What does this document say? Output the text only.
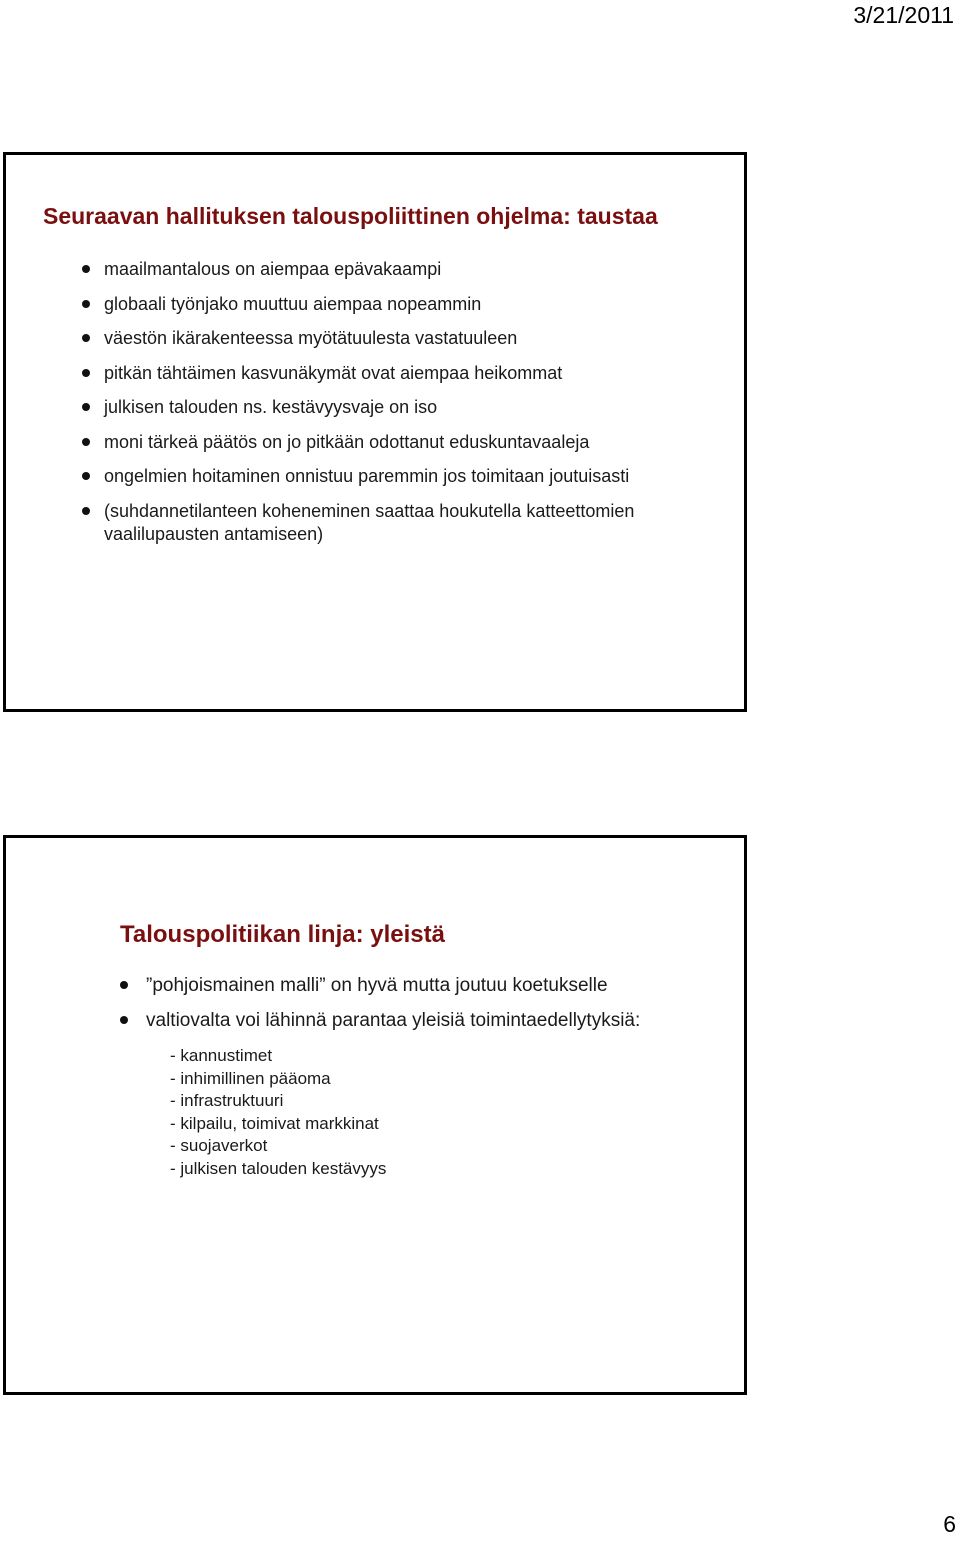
3/21/2011
Seuraavan hallituksen talouspoliittinen ohjelma: taustaa
maailmantalous on aiempaa epävakaampi
globaali työnjako muuttuu aiempaa nopeammin
väestön ikärakenteessa myötätuulesta vastatuuleen
pitkän tähtäimen kasvunäkymät ovat aiempaa heikommat
julkisen talouden ns. kestävyysvaje on iso
moni tärkeä päätös on jo pitkään odottanut eduskuntavaaleja
ongelmien hoitaminen onnistuu paremmin jos toimitaan joutuisasti
(suhdannetilanteen koheneminen saattaa houkutella katteettomien vaalilupausten antamiseen)
Talouspolitiikan linja: yleistä
”pohjoismainen malli” on hyvä mutta joutuu koetukselle
valtiovalta voi lähinnä parantaa yleisiä toimintaedellytyksiä:
- kannustimet
- inhimillinen pääoma
- infrastruktuuri
- kilpailu, toimivat markkinat
- suojaverkot
- julkisen talouden kestävyys
6
